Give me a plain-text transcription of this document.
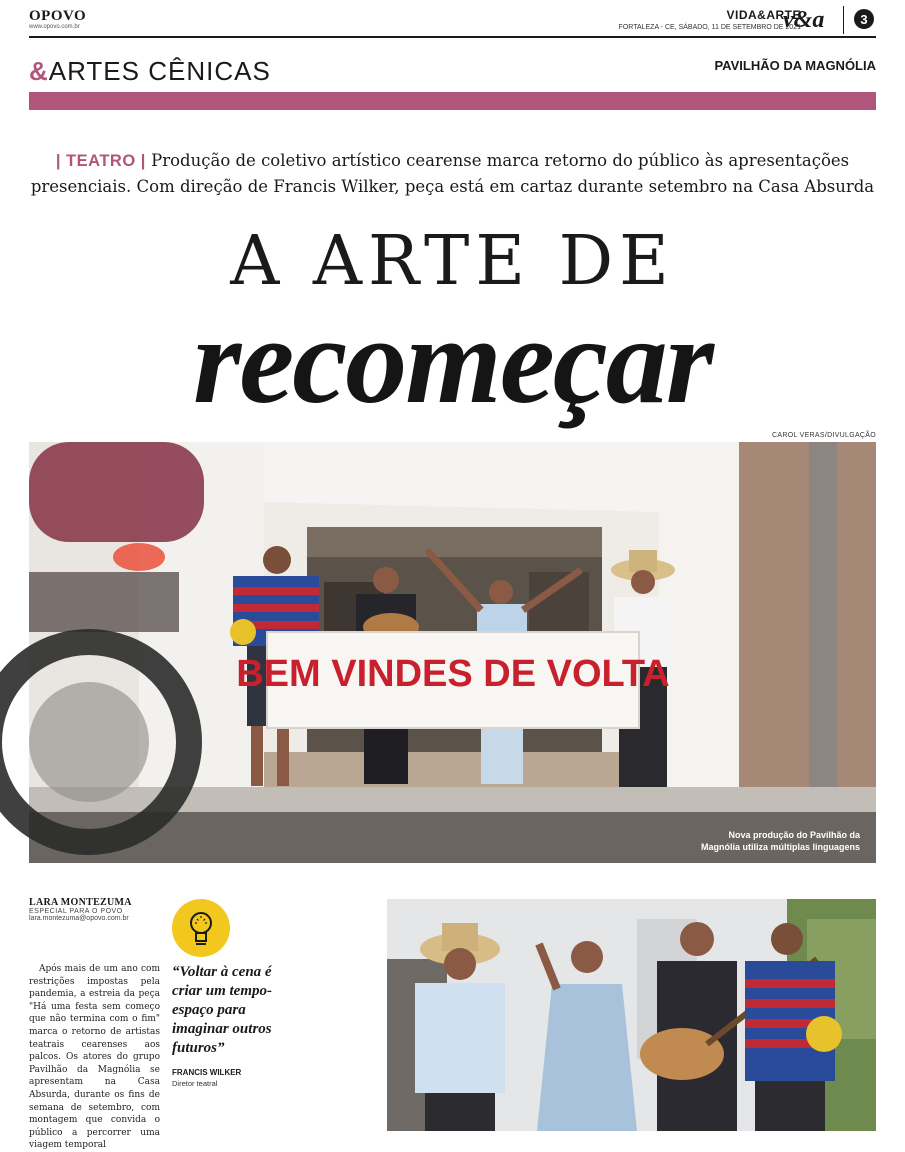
OPOVO
www.opovo.com.br
VIDA&ARTE
FORTALEZA - CE, SÁBADO, 11 DE SETEMBRO DE 2021
v&a	3
&ARTES CÊNICAS	PAVILHÃO DA MAGNÓLIA
| TEATRO | Produção de coletivo artístico cearense marca retorno do público às apresentações presenciais. Com direção de Francis Wilker, peça está em cartaz durante setembro na Casa Absurda
A ARTE DE
recomeçar
CAROL VERAS/DIVULGAÇÃO
BEM VINDES DE VOLTA
Nova produção do Pavilhão da Magnólia utiliza múltiplas linguagens
LARA MONTEZUMA
ESPECIAL PARA O POVO
lara.montezuma@opovo.com.br

Após mais de um ano com restrições impostas pela pandemia, a estreia da peça "Há uma festa sem começo que não termina com o fim" marca o retorno de artistas teatrais cearenses aos palcos. Os atores do grupo Pavilhão da Magnólia se apresentam na Casa Absurda, durante os fins de semana de setembro, com montagem que convida o público a percorrer uma viagem temporal

“Voltar à cena é criar um tempo-espaço para imaginar outros futuros”
FRANCIS WILKER
Diretor teatral
